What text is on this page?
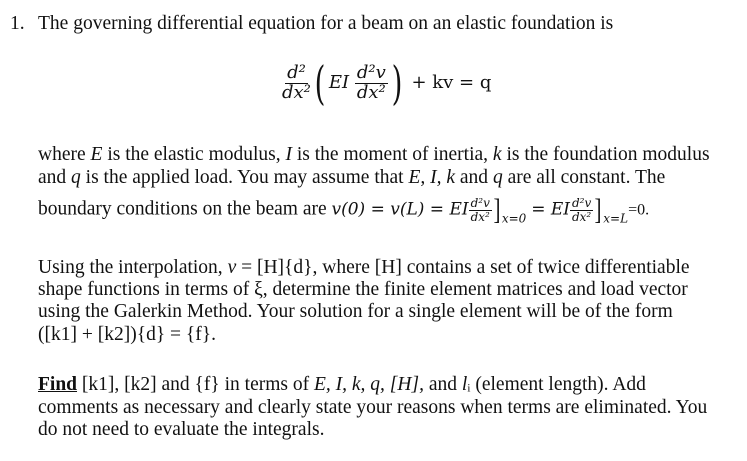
1. The governing differential equation for a beam on an elastic foundation is
$\frac{\text{d²}}{\text{dx²}}$ ( EI $\frac{\text{d²v}}{\text{dx²}}$ ) + kv = q
where E is the elastic modulus, I is the moment of inertia, k is the foundation modulus
and q is the applied load. You may assume that E, I, k and q are all constant. The
boundary conditions on the beam are v(0) = v(L) = EI $\frac{\text{d²v}}{\text{dx²}}$ ] $_{x=0}$ = EI $\frac{\text{d²v}}{\text{dx²}}$ ] $_{x=L}$=0.
Using the interpolation, v = [H]{d}, where [H] contains a set of twice differentiable
shape functions in terms of ξ, determine the finite element matrices and load vector
using the Galerkin Method. Your solution for a single element will be of the form
([k1] + [k2]){d} = {f}.
Find [k1], [k2] and {f} in terms of E, I, k, q, [H], and lᵢ (element length). Add
comments as necessary and clearly state your reasons when terms are eliminated. You
do not need to evaluate the integrals.
